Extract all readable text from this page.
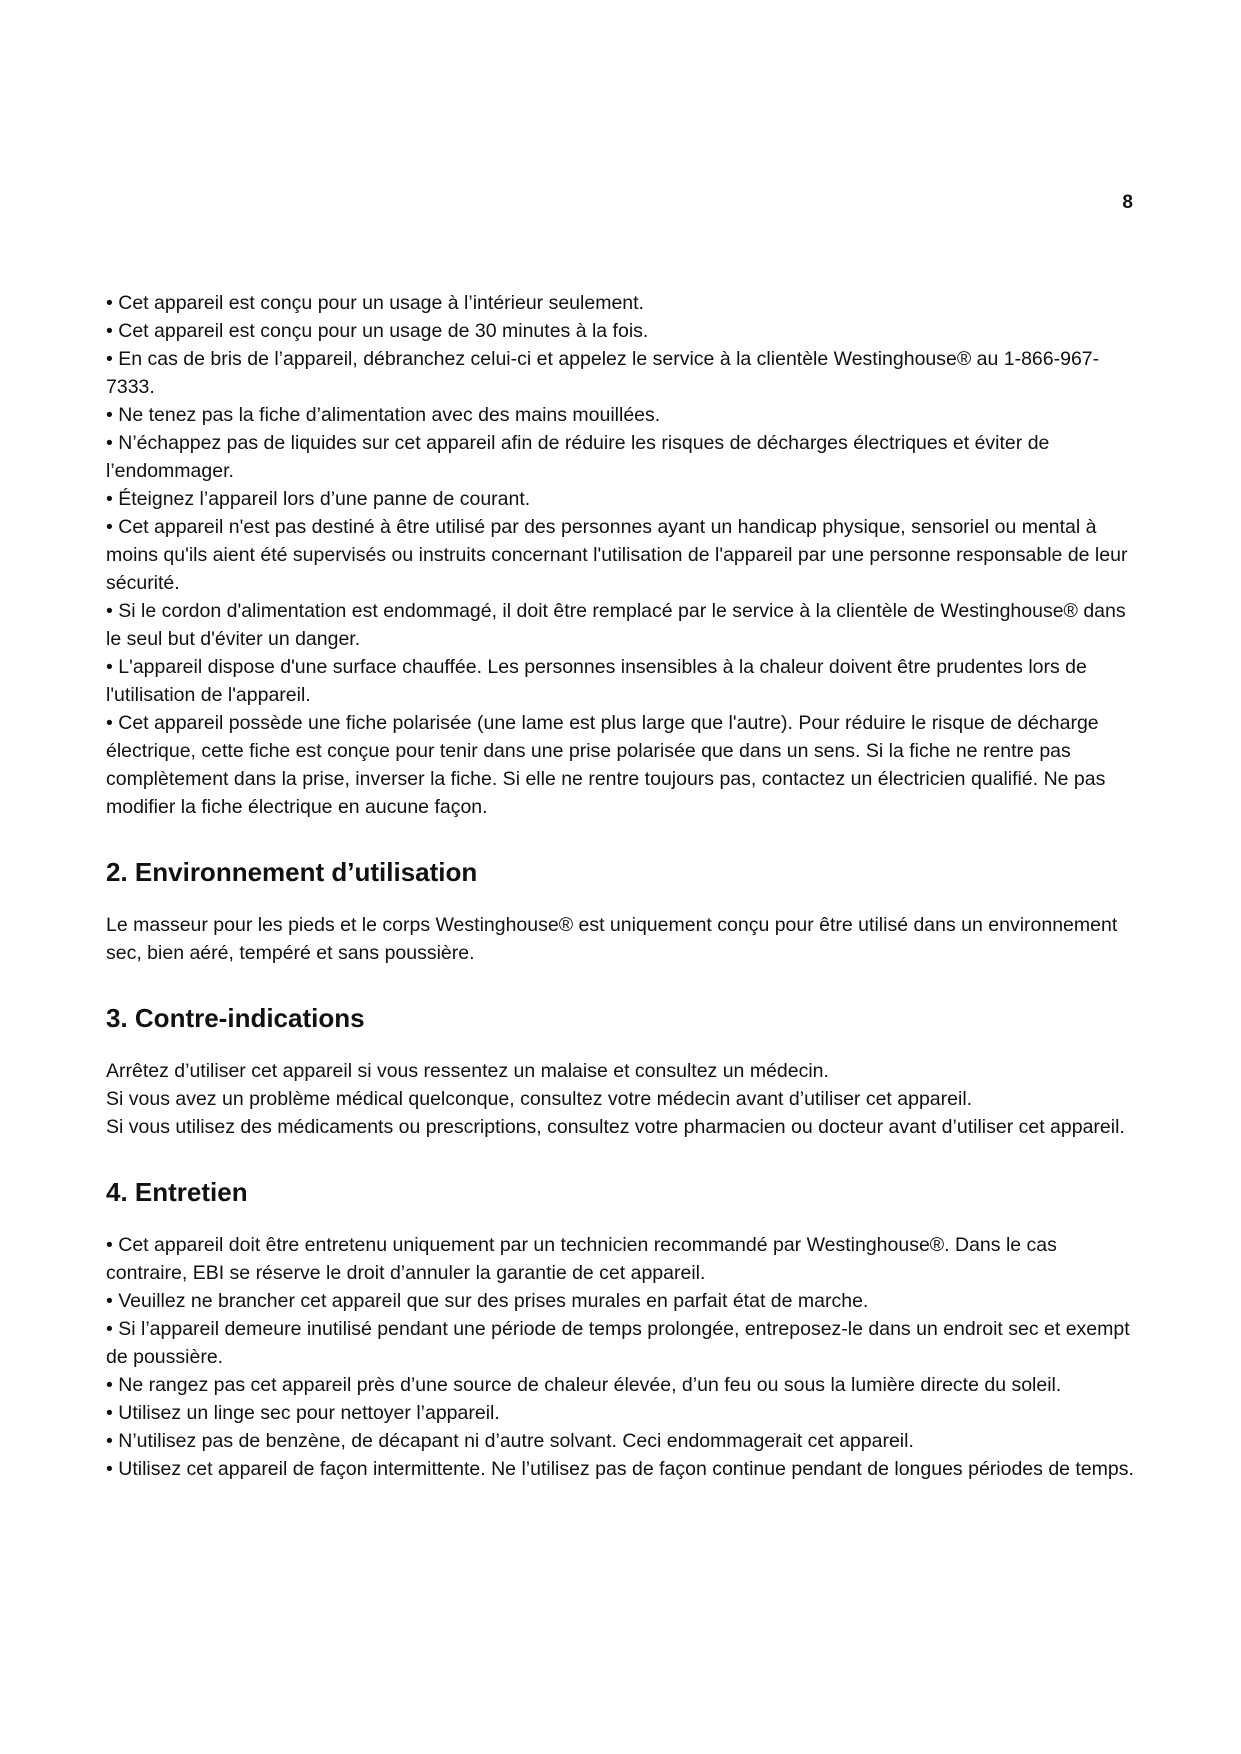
8

• Cet appareil est conçu pour un usage à l’intérieur seulement.
• Cet appareil est conçu pour un usage de 30 minutes à la fois.
• En cas de bris de l’appareil, débranchez celui-ci et appelez le service à la clientèle Westinghouse® au 1-866-967-7333.
• Ne tenez pas la fiche d’alimentation avec des mains mouillées.
• N’échappez pas de liquides sur cet appareil afin de réduire les risques de décharges électriques et éviter de l’endommager.
• Éteignez l’appareil lors d’une panne de courant.
• Cet appareil n'est pas destiné à être utilisé par des personnes ayant un handicap physique, sensoriel ou mental à moins qu'ils aient été supervisés ou instruits concernant l'utilisation de l'appareil par une personne responsable de leur sécurité.
• Si le cordon d'alimentation est endommagé, il doit être remplacé par le service à la clientèle de Westinghouse® dans le seul but d'éviter un danger.
• L'appareil dispose d'une surface chauffée. Les personnes insensibles à la chaleur doivent être prudentes lors de l'utilisation de l'appareil.
• Cet appareil possède une fiche polarisée (une lame est plus large que l'autre). Pour réduire le risque de décharge électrique, cette fiche est conçue pour tenir dans une prise polarisée que dans un sens. Si la fiche ne rentre pas complètement dans la prise, inverser la fiche. Si elle ne rentre toujours pas, contactez un électricien qualifié. Ne pas modifier la fiche électrique en aucune façon.
2. Environnement d’utilisation

Le masseur pour les pieds et le corps Westinghouse® est uniquement conçu pour être utilisé dans un environnement sec, bien aéré, tempéré et sans poussière.

3. Contre-indications
Arrêtez d’utiliser cet appareil si vous ressentez un malaise et consultez un médecin.
Si vous avez un problème médical quelconque, consultez votre médecin avant d’utiliser cet appareil.
Si vous utilisez des médicaments ou prescriptions, consultez votre pharmacien ou docteur avant d’utiliser cet appareil.
4. Entretien
• Cet appareil doit être entretenu uniquement par un technicien recommandé par Westinghouse®. Dans le cas contraire, EBI se réserve le droit d’annuler la garantie de cet appareil.
• Veuillez ne brancher cet appareil que sur des prises murales en parfait état de marche.
• Si l’appareil demeure inutilisé pendant une période de temps prolongée, entreposez-le dans un endroit sec et exempt de poussière.
• Ne rangez pas cet appareil près d’une source de chaleur élevée, d’un feu ou sous la lumière directe du soleil.
• Utilisez un linge sec pour nettoyer l’appareil.
• N’utilisez pas de benzène, de décapant ni d’autre solvant. Ceci endommagerait cet appareil.
• Utilisez cet appareil de façon intermittente. Ne l’utilisez pas de façon continue pendant de longues périodes de temps.
